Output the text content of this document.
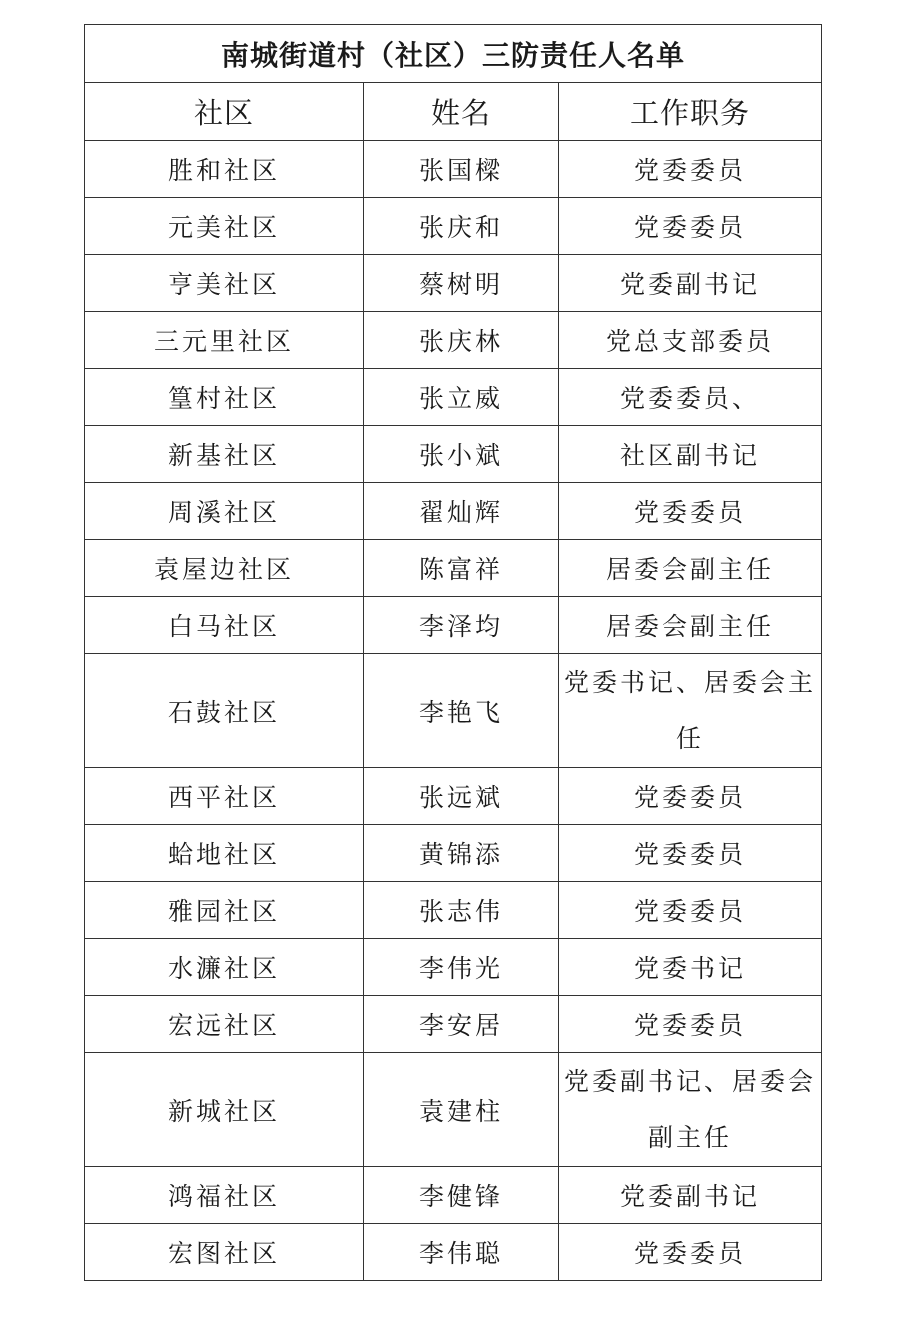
南城街道村（社区）三防责任人名单		
社区	姓名	工作职务
胜和社区	张国樑	党委委员
元美社区	张庆和	党委委员
亨美社区	蔡树明	党委副书记
三元里社区	张庆林	党总支部委员
篁村社区	张立威	党委委员、
新基社区	张小斌	社区副书记
周溪社区	翟灿辉	党委委员
袁屋边社区	陈富祥	居委会副主任
白马社区	李泽均	居委会副主任
石鼓社区	李艳飞	党委书记、居委会主任

西平社区	张远斌	党委委员
蛤地社区	黄锦添	党委委员
雅园社区	张志伟	党委委员
水濂社区	李伟光	党委书记
宏远社区	李安居	党委委员
新城社区	袁建柱	党委副书记、居委会副主任

鸿福社区	李健锋	党委副书记
宏图社区	李伟聪	党委委员
